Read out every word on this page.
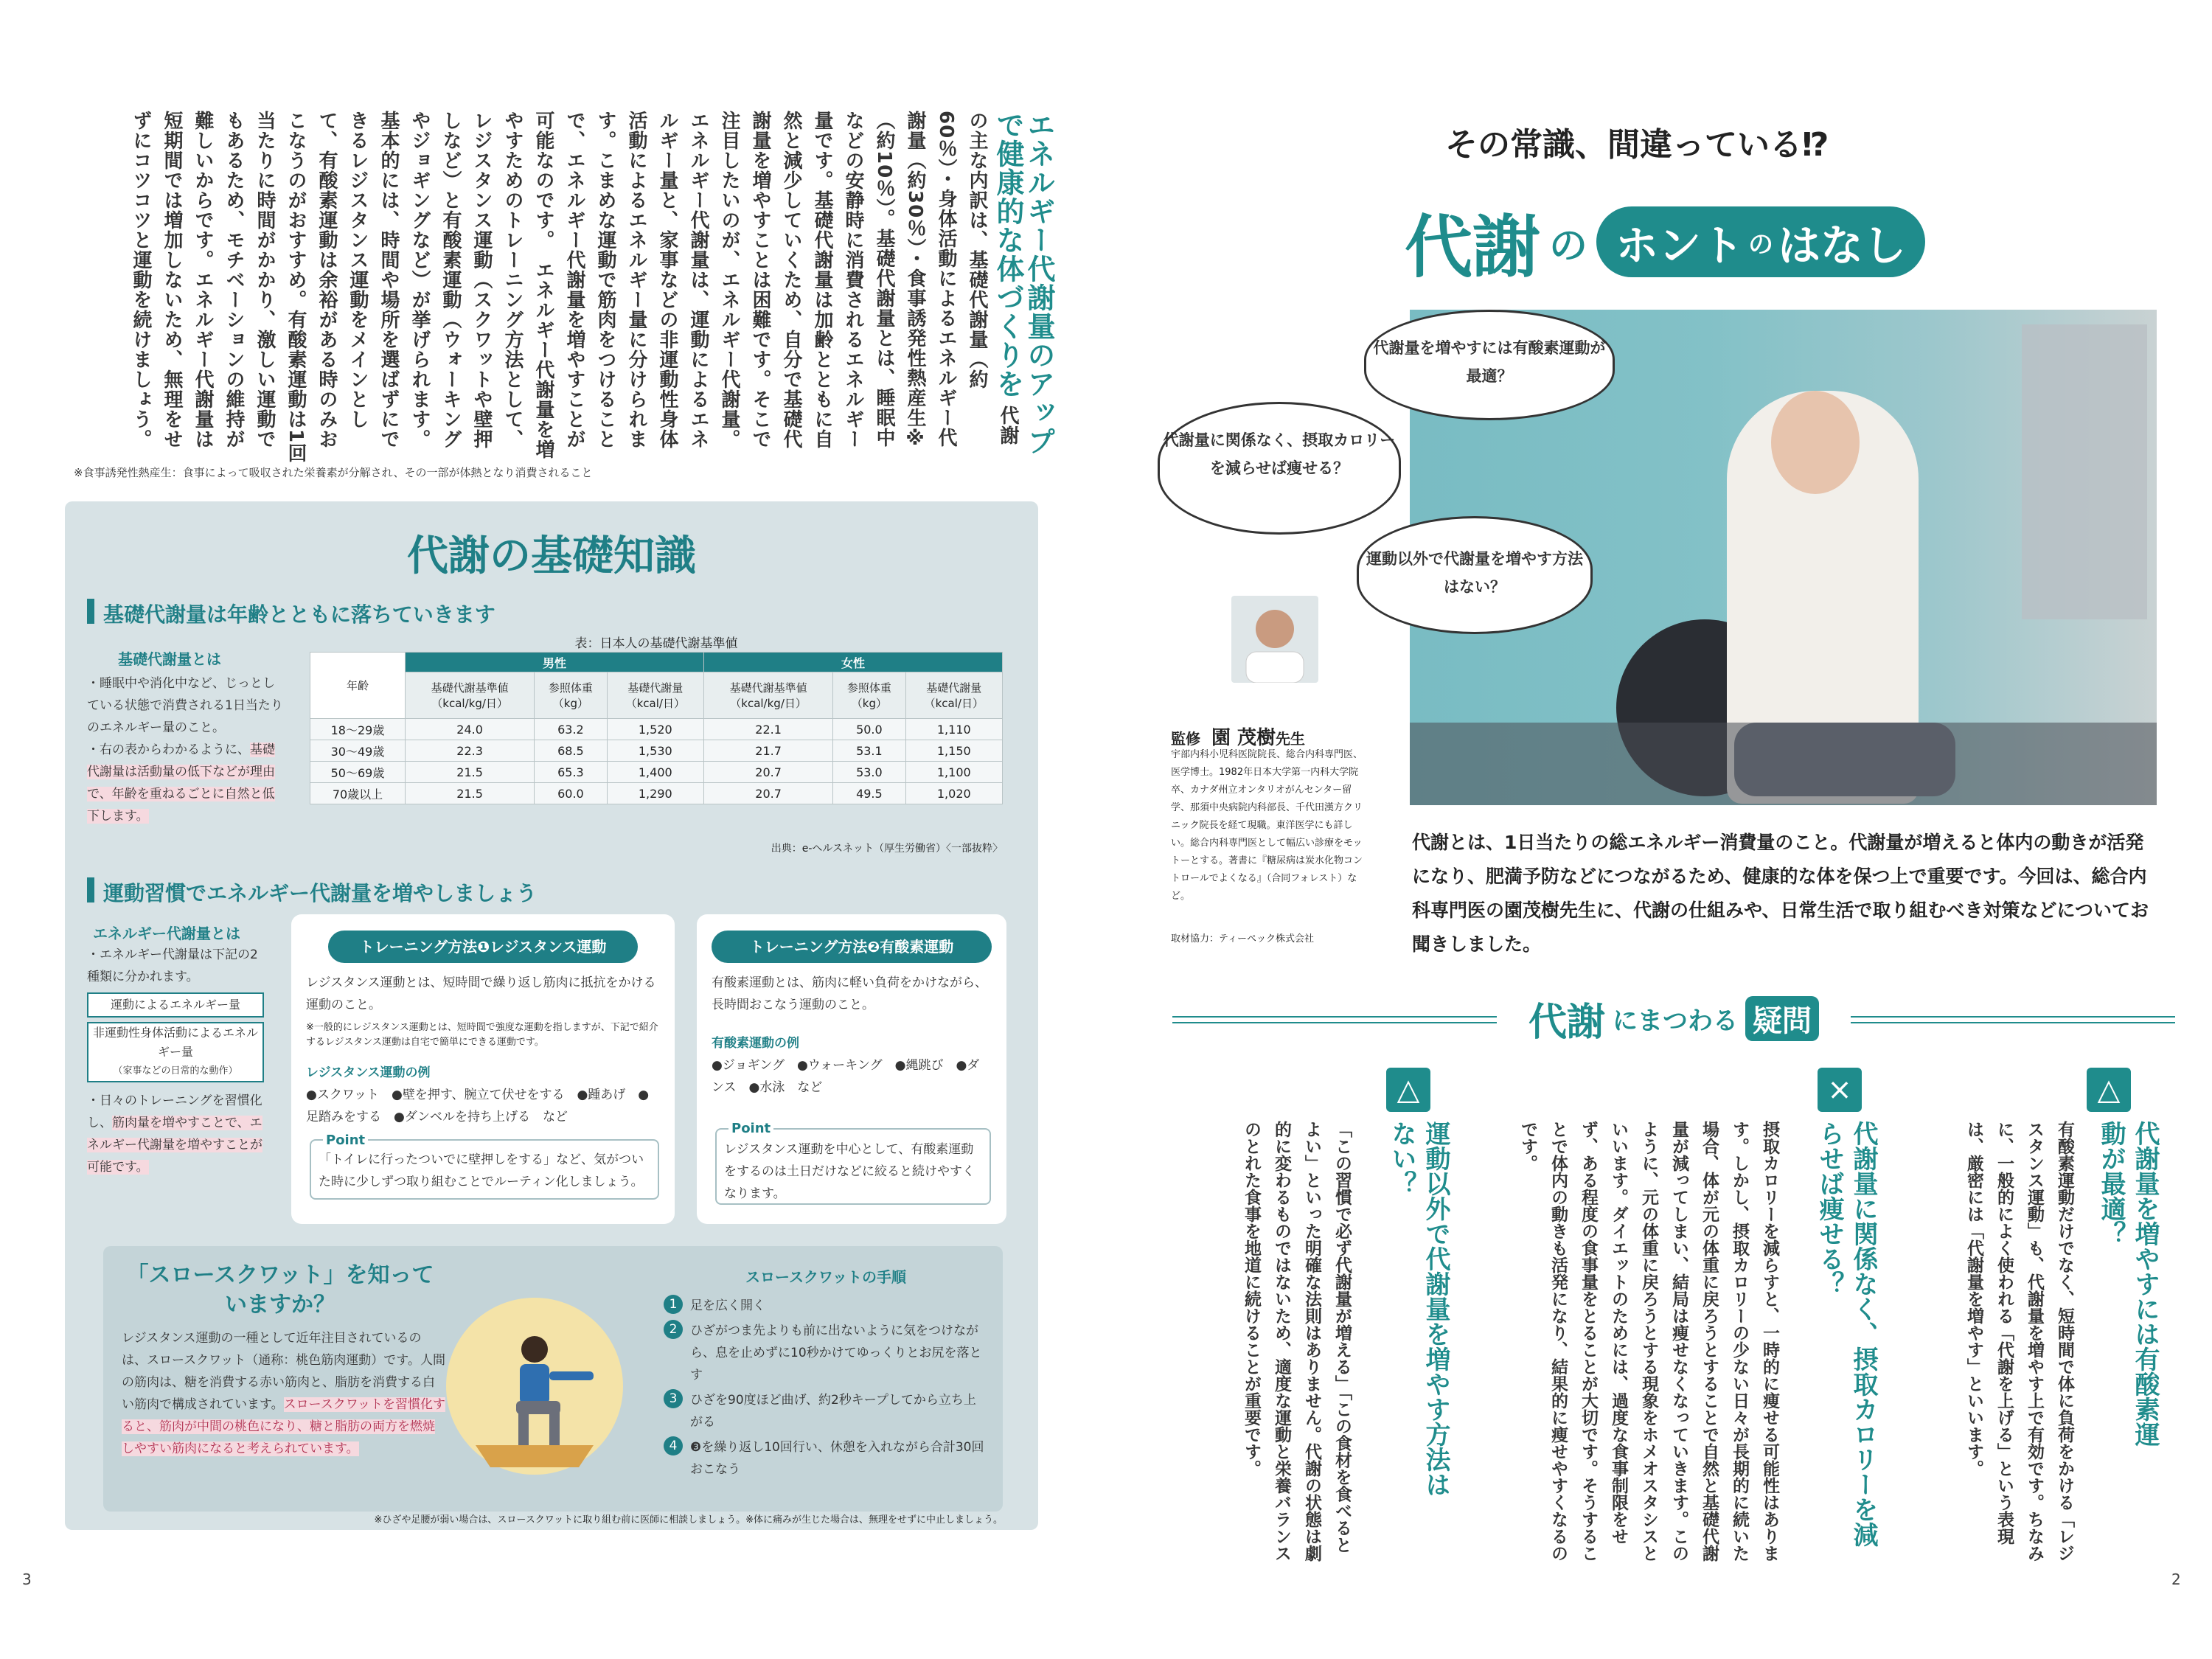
エネルギー代謝量のアップで健康的な体づくりを 代謝の主な内訳は、基礎代謝量（約60％）・身体活動によるエネルギー代謝量（約30％）・食事誘発性熱産生※（約10％）。基礎代謝量とは、睡眠中などの安静時に消費されるエネルギー量です。基礎代謝量は加齢とともに自然と減少していくため、自分で基礎代謝量を増やすことは困難です。そこで注目したいのが、エネルギー代謝量。エネルギー代謝量は、運動によるエネルギー量と、家事などの非運動性身体活動によるエネルギー量に分けられます。こまめな運動で筋肉をつけることで、エネルギー代謝量を増やすことが可能なのです。　エネルギー代謝量を増やすためのトレーニング方法として、レジスタンス運動（スクワットや壁押しなど）と有酸素運動（ウォーキングやジョギングなど）が挙げられます。基本的には、時間や場所を選ばずにできるレジスタンス運動をメインとして、有酸素運動は余裕がある時のみおこなうのがおすすめ。有酸素運動は1回当たりに時間がかかり、激しい運動でもあるため、モチベーションの維持が難しいからです。エネルギー代謝量は短期間では増加しないため、無理をせずにコツコツと運動を続けましょう。
※食事誘発性熱産生：食事によって吸収された栄養素が分解され、その一部が体熱となり消費されること
代謝の基礎知識
基礎代謝量は年齢とともに落ちていきます
基礎代謝量とは
・睡眠中や消化中など、じっとしている状態で消費される1日当たりのエネルギー量のこと。
・右の表からわかるように、基礎代謝量は活動量の低下などが理由で、年齢を重ねるごとに自然と低下します。
表：日本人の基礎代謝基準値
年齢	男性			女性		
	基礎代謝基準値（kcal/kg/日）	参照体重（kg）	基礎代謝量（kcal/日）	基礎代謝基準値（kcal/kg/日）	参照体重（kg）	基礎代謝量（kcal/日）
18～29歳	24.0	63.2	1,520	22.1	50.0	1,110
30～49歳	22.3	68.5	1,530	21.7	53.1	1,150
50～69歳	21.5	65.3	1,400	20.7	53.0	1,100
70歳以上	21.5	60.0	1,290	20.7	49.5	1,020
出典：e-ヘルスネット（厚生労働省）〈一部抜粋〉
運動習慣でエネルギー代謝量を増やしましょう
エネルギー代謝量とは
・エネルギー代謝量は下記の2種類に分かれます。
運動によるエネルギー量
非運動性身体活動によるエネルギー量
（家事などの日常的な動作）
・日々のトレーニングを習慣化し、筋肉量を増やすことで、エネルギー代謝量を増やすことが可能です。
トレーニング方法❶レジスタンス運動
レジスタンス運動とは、短時間で繰り返し筋肉に抵抗をかける運動のこと。
※一般的にレジスタンス運動とは、短時間で強度な運動を指しますが、下記で紹介するレジスタンス運動は自宅で簡単にできる運動です。
レジスタンス運動の例
●スクワット　●壁を押す、腕立て伏せをする　●踵あげ　●足踏みをする　●ダンベルを持ち上げる　など
Point
「トイレに行ったついでに壁押しをする」など、気がついた時に少しずつ取り組むことでルーティン化しましょう。
トレーニング方法❷有酸素運動
有酸素運動とは、筋肉に軽い負荷をかけながら、長時間おこなう運動のこと。
有酸素運動の例
●ジョギング　●ウォーキング　●縄跳び　●ダンス　●水泳　など
Point
レジスタンス運動を中心として、有酸素運動をするのは土日だけなどに絞ると続けやすくなります。
「スロースクワット」を知っていますか？
レジスタンス運動の一種として近年注目されているのは、スロースクワット（通称：桃色筋肉運動）です。人間の筋肉は、糖を消費する赤い筋肉と、脂肪を消費する白い筋肉で構成されています。スロースクワットを習慣化すると、筋肉が中間の桃色になり、糖と脂肪の両方を燃焼しやすい筋肉になると考えられています。
スロースクワットの手順
1	足を広く開く
2	ひざがつま先よりも前に出ないように気をつけながら、息を止めずに10秒かけてゆっくりとお尻を落とす
3	ひざを90度ほど曲げ、約2秒キープしてから立ち上がる
4	❸を繰り返し10回行い、休憩を入れながら合計30回おこなう
※ひざや足腰が弱い場合は、スロースクワットに取り組む前に医師に相談しましょう。※体に痛みが生じた場合は、無理をせずに中止しましょう。
3
その常識、間違っている⁉
代謝 の ホント の はなし
代謝量を増やすには有酸素運動が最適？
代謝量に関係なく、摂取カロリーを減らせば痩せる？
運動以外で代謝量を増やす方法はない？
監修 園 茂樹先生
宇部内科小児科医院院長、総合内科専門医、医学博士。1982年日本大学第一内科大学院卒、カナダ州立オンタリオがんセンター留学、那須中央病院内科部長、千代田漢方クリニック院長を経て現職。東洋医学にも詳しい。総合内科専門医として幅広い診療をモットーとする。著書に『糖尿病は炭水化物コントロールでよくなる』（合同フォレスト）など。
取材協力：ティーペック株式会社
代謝とは、1日当たりの総エネルギー消費量のこと。代謝量が増えると体内の動きが活発になり、肥満予防などにつながるため、健康的な体を保つ上で重要です。今回は、総合内科専門医の園茂樹先生に、代謝の仕組みや、日常生活で取り組むべき対策などについてお聞きしました。
代謝 にまつわる 疑問
△
代謝量を増やすには有酸素運動が最適？
有酸素運動だけでなく、短時間で体に負荷をかける「レジスタンス運動」も、代謝量を増やす上で有効です。ちなみに、一般的によく使われる「代謝を上げる」という表現は、厳密には「代謝量を増やす」といいます。
×
代謝量に関係なく、摂取カロリーを減らせば痩せる？
摂取カロリーを減らすと、一時的に痩せる可能性はあります。しかし、摂取カロリーの少ない日々が長期的に続いた場合、体が元の体重に戻ろうとすることで自然と基礎代謝量が減ってしまい、結局は痩せなくなっていきます。このように、元の体重に戻ろうとする現象をホメオスタシスといいます。ダイエットのためには、過度な食事制限をせず、ある程度の食事量をとることが大切です。そうすることで体内の動きも活発になり、結果的に痩せやすくなるのです。
△
運動以外で代謝量を増やす方法はない？
「この習慣で必ず代謝量が増える」「この食材を食べるとよい」といった明確な法則はありません。代謝の状態は劇的に変わるものではないため、適度な運動と栄養バランスのとれた食事を地道に続けることが重要です。
2
